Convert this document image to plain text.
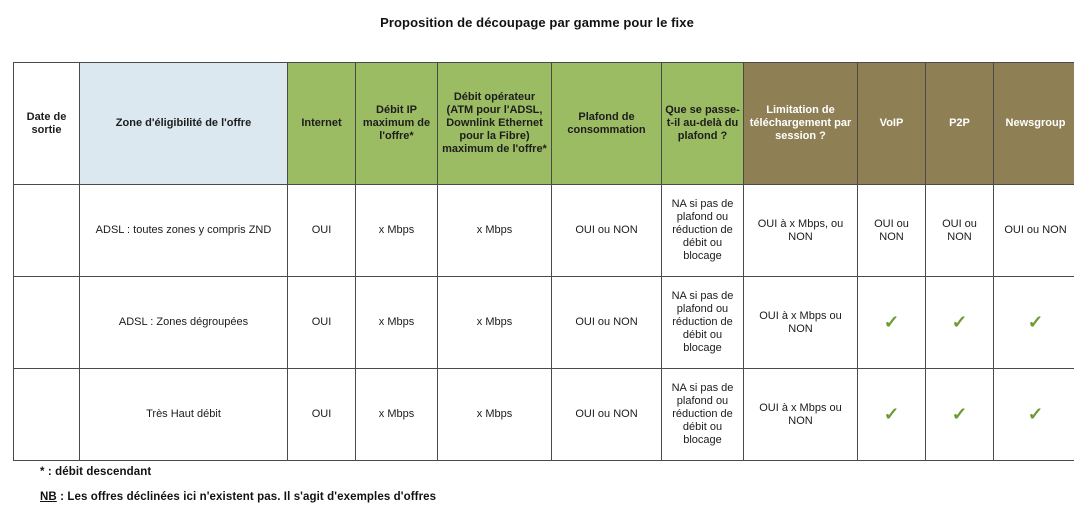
Proposition de découpage par gamme pour le fixe
Date de sortie	Zone d'éligibilité de l'offre	Internet	Débit IP maximum de l'offre*	Débit opérateur (ATM pour l'ADSL, Downlink Ethernet pour la Fibre) maximum de l'offre*	Plafond de consommation	Que se passe-t-il au-delà du plafond ?	Limitation de téléchargement par session ?	VoIP	P2P	Newsgroup
	ADSL : toutes zones y compris ZND	OUI	x Mbps	x Mbps	OUI ou NON	NA si pas de plafond ou réduction de débit ou blocage	OUI à x Mbps, ou NON	OUI ou NON	OUI ou NON	OUI ou NON
	ADSL : Zones dégroupées	OUI	x Mbps	x Mbps	OUI ou NON	NA si pas de plafond ou réduction de débit ou blocage	OUI à x Mbps ou NON	✓	✓	✓
	Très Haut débit	OUI	x Mbps	x Mbps	OUI ou NON	NA si pas de plafond ou réduction de débit ou blocage	OUI à x Mbps ou NON	✓	✓	✓
* : débit descendant
NB : Les offres déclinées ici n'existent pas. Il s'agit d'exemples d'offres
